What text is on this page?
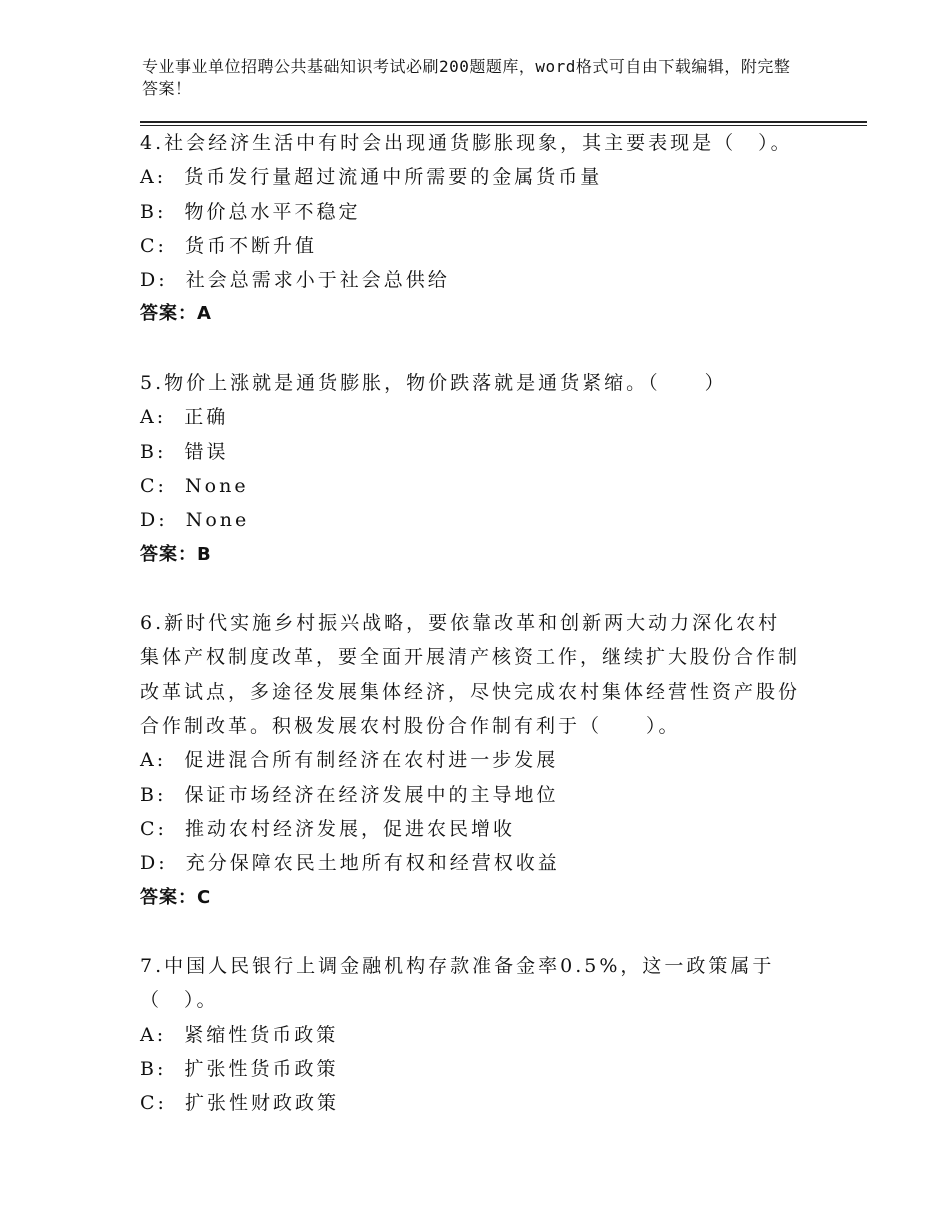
专业事业单位招聘公共基础知识考试必刷200题题库，word格式可自由下载编辑，附完整答案！
4.社会经济生活中有时会出现通货膨胀现象，其主要表现是（　）。
A:  货币发行量超过流通中所需要的金属货币量
B:  物价总水平不稳定
C:  货币不断升值
D:  社会总需求小于社会总供给
答案：A
5.物价上涨就是通货膨胀，物价跌落就是通货紧缩。（　　）
A:  正确
B:  错误
C:  None
D:  None
答案：B
6.新时代实施乡村振兴战略，要依靠改革和创新两大动力深化农村集体产权制度改革，要全面开展清产核资工作，继续扩大股份合作制改革试点，多途径发展集体经济，尽快完成农村集体经营性资产股份合作制改革。积极发展农村股份合作制有利于（　　）。
A:  促进混合所有制经济在农村进一步发展
B:  保证市场经济在经济发展中的主导地位
C:  推动农村经济发展，促进农民增收
D:  充分保障农民土地所有权和经营权收益
答案：C
7.中国人民银行上调金融机构存款准备金率0.5%，这一政策属于（　）。
A:  紧缩性货币政策
B:  扩张性货币政策
C:  扩张性财政政策
